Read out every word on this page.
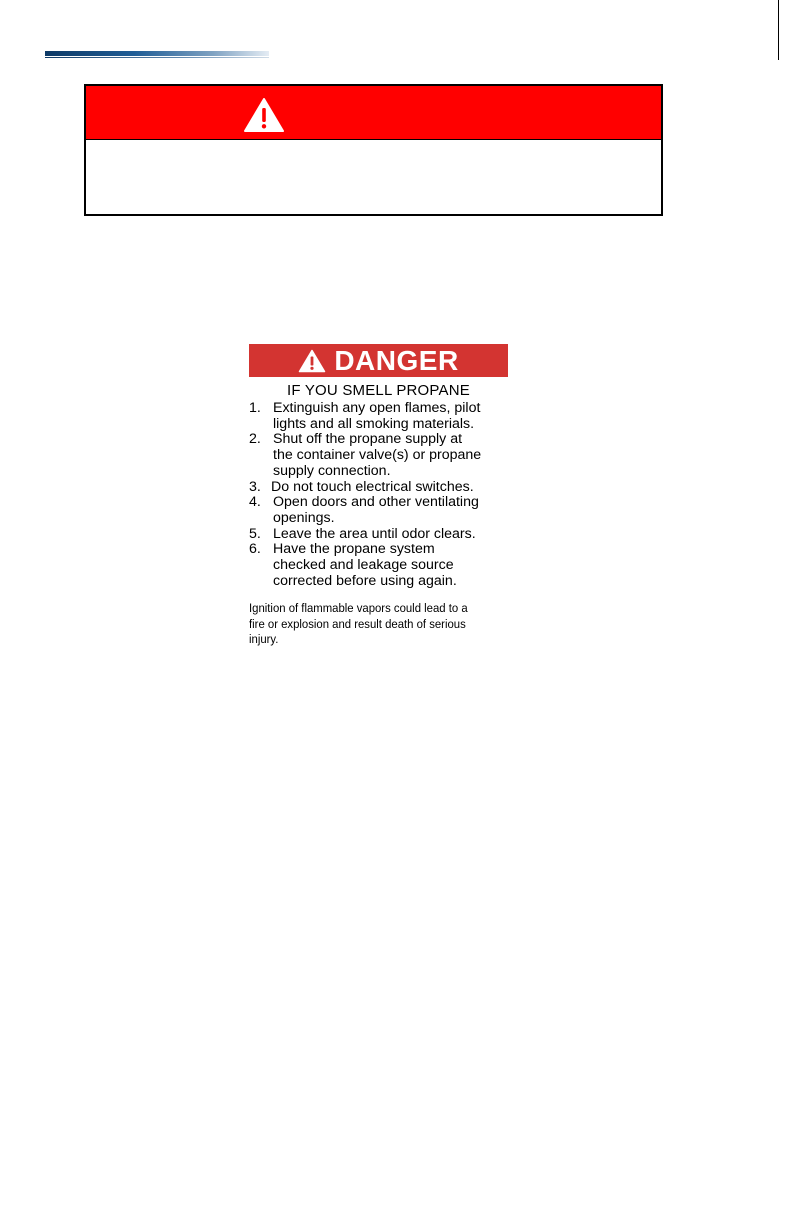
DANGER
IF YOU SMELL PROPANE
1. Extinguish any open flames, pilot
lights and all smoking materials.
2. Shut off the propane supply at
the container valve(s) or propane
supply connection.
3. Do not touch electrical switches.
4. Open doors and other ventilating
openings.
5. Leave the area until odor clears.
6. Have the propane system
checked and leakage source
corrected before using again.
Ignition of flammable vapors could lead to a
fire or explosion and result death of serious
injury.
